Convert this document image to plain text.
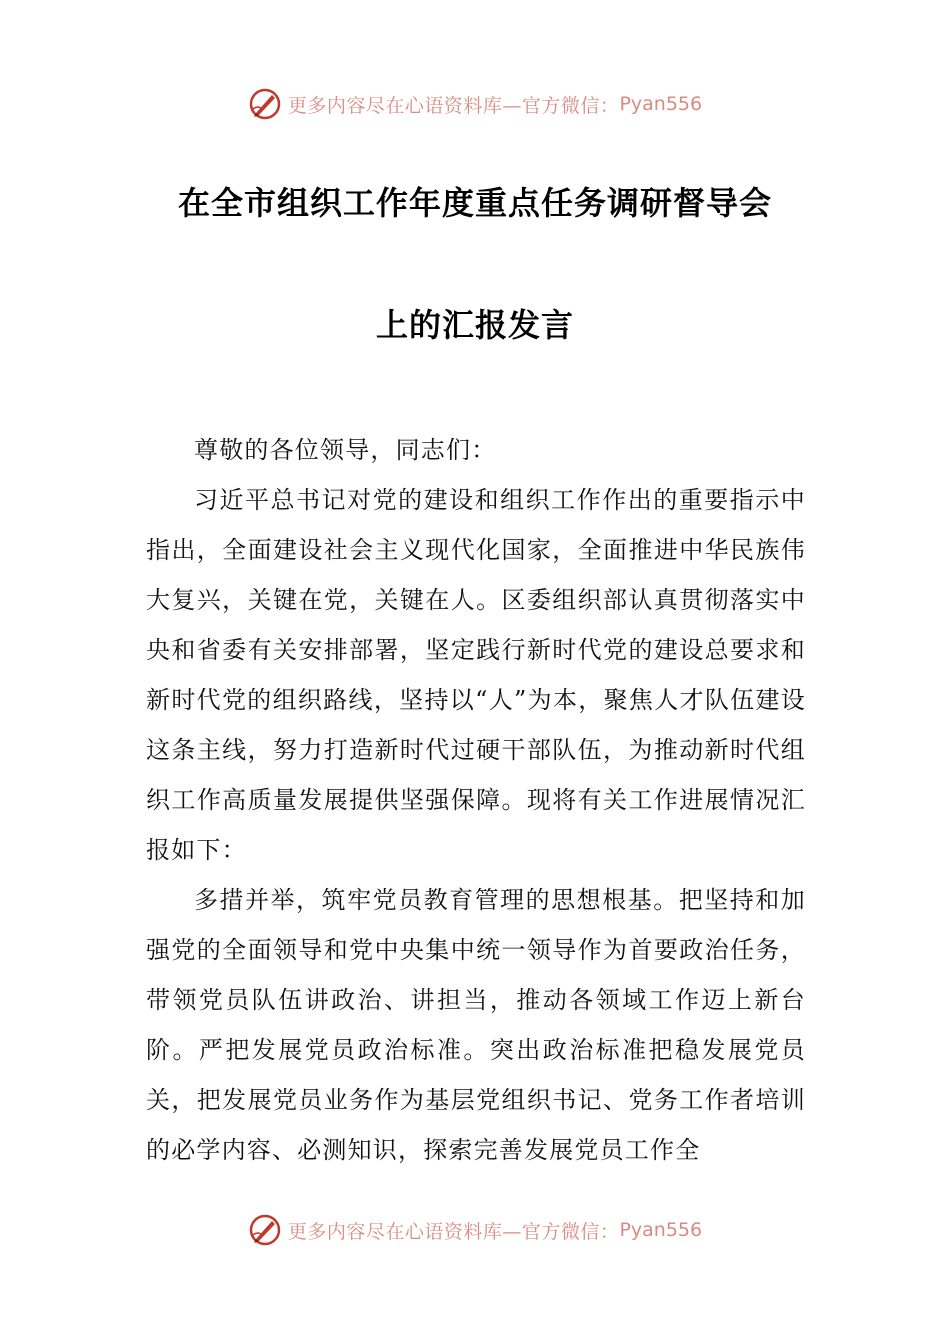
更多内容尽在心语资料库— 官方微信： Pyan556
在全市组织工作年度重点任务调研督导会
上的汇报发言

尊敬的各位领导，同志们：

习近平总书记对党的建设和组织工作作出的重要指示中指出，全面建设社会主义现代化国家，全面推进中华民族伟大复兴，关键在党，关键在人。区委组织部认真贯彻落实中央和省委有关安排部署，坚定践行新时代党的建设总要求和新时代党的组织路线，坚持以“人”为本，聚焦人才队伍建设这条主线，努力打造新时代过硬干部队伍，为推动新时代组织工作高质量发展提供坚强保障。现将有关工作进展情况汇报如下：

多措并举，筑牢党员教育管理的思想根基。把坚持和加强党的全面领导和党中央集中统一领导作为首要政治任务，带领党员队伍讲政治、讲担当，推动各领域工作迈上新台阶。严把发展党员政治标准。突出政治标准把稳发展党员关，把发展党员业务作为基层党组织书记、党务工作者培训的必学内容、必测知识，探索完善发展党员工作全

更多内容尽在心语资料库— 官方微信： Pyan556
